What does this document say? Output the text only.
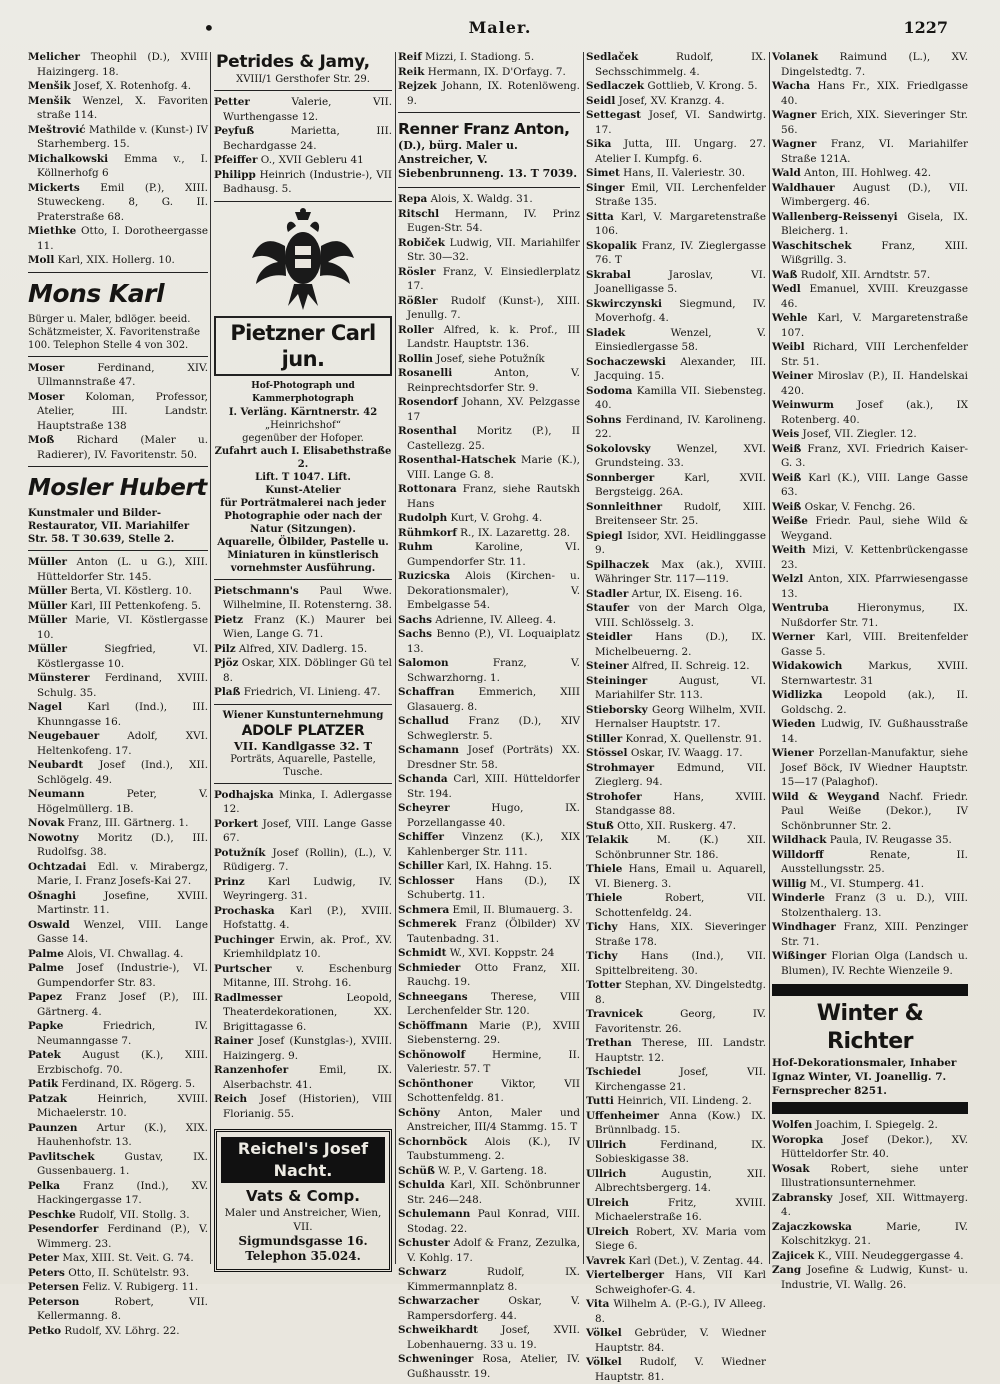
•	Maler.	1227

Melicher Theophil (D.), XVIII Haizingerg. 18.

Menšik Josef, X. Rotenhofg. 4.

Menšik Wenzel, X. Favoriten straße 114.

Meštrović Mathilde v. (Kunst-) IV Starhemberg. 15.

Michalkowski Emma v., I. Köllnerhofg 6

Mickerts Emil (P.), XIII. Stuweckeng. 8, G. II. Praterstraße 68.

Miethke Otto, I. Dorotheergasse 11.

Moll Karl, XIX. Hollerg. 10.

Mons Karl
Bürger u. Maler, bdlöger. beeid. Schätzmeister, X. Favoritenstraße 100. Telephon Stelle 4 von 302.

Moser	Ferdinand, XIV. Ullmannstraße 47.

Moser Koloman, Professor, Atelier, III. Landstr. Hauptstraße 138

Moß Richard (Maler u. Radierer), IV. Favoritenstr. 50.

Mosler Hubert
Kunstmaler und Bilder-Restaurator, VII. Mariahilfer Str. 58. T 30.639, Stelle 2.

Müller Anton (L. u G.), XIII. Hütteldorfer Str. 145.

Müller Berta, VI. Köstlerg. 10.

Müller Karl, III Pettenkofeng. 5.

Müller Marie, VI. Köstlergasse 10.

Müller	Siegfried, VI. Köstlergasse 10.

Münsterer Ferdinand, XVIII. Schulg. 35.

Nagel Karl (Ind.), III. Khunngasse 16.

Neugebauer	Adolf, XVI. Heltenkofeng. 17.

Neubardt Josef (Ind.), XII. Schlögelg. 49.

Neumann	Peter, V. Högelmüllerg. 1B.

Novak Franz, III. Gärtnerg. 1.

Nowotny Moritz (D.), III. Rudolfsg. 38.

Ochtzadai Edl. v. Mirabergz, Marie, I. Franz Josefs-Kai 27.

Ošnaghi	Josefine, XVIII. Martinstr. 11.

Oswald Wenzel, VIII. Lange Gasse 14.

Palme Alois, VI. Chwallag. 4.

Palme Josef (Industrie-), VI. Gumpendorfer Str. 83.

Papez Franz Josef (P.), III. Gärtnerg. 4.

Papke	Friedrich, IV. Neumanngasse 7.

Patek August (K.), XIII. Erzbischofg. 70.

Patik Ferdinand, IX. Rögerg. 5.

Patzak	Heinrich, XVIII. Michaelerstr. 10.

Paunzen Artur (K.), XIX. Hauhenhofstr. 13.

Pavlitschek	Gustav, IX. Gussenbauerg. 1.

Pelka Franz (Ind.), XV. Hackingergasse 17.

Peschke Rudolf, VII. Stollg. 3.

Pesendorfer Ferdinand (P.), V. Wimmerg. 23.

Peter Max, XIII. St. Veit. G. 74.

Peters Otto, II. Schütelstr. 93.

Petersen Feliz. V. Rubigerg. 11.

Peterson	Robert, VII. Kellermanng. 8.

Petko Rudolf, XV. Löhrg. 22.

Petrides & Jamy,
XVIII/1 Gersthofer Str. 29.

Petter	Valerie, VII. Wurthengasse 12.

Peyfuß	Marietta, III. Bechardgasse 24.

Pfeiffer O., XVII Gebleru 41

Philipp Heinrich (Industrie-), VII Badhausg. 5.

Pietzner Carl jun.
Hof-Photograph und Kammerphotograph
I. Verläng. Kärntnerstr. 42
„Heinrichshof“
gegenüber der Hofoper.
Zufahrt auch I. Elisabethstraße 2.
Lift. T 1047. Lift.
Kunst-Atelier
für Porträtmalerei nach jeder Photographie oder nach der Natur (Sitzungen).
Aquarelle, Ölbilder, Pastelle u. Miniaturen in künstlerisch vornehmster Ausführung.

Pietschmann's Paul Wwe. Wilhelmine, II. Rotensterng. 38.

Pietz Franz (K.) Maurer bei Wien, Lange G. 71.

Pilz Alfred, XIV. Dadlerg. 15.

Pjöz Oskar, XIX. Döblinger Gü tel 8.

Plaß Friedrich, VI. Linieng. 47.

Wiener Kunstunternehmung
ADOLF PLATZER
VII. Kandlgasse 32. T
Porträts, Aquarelle, Pastelle, Tusche.

Podhajska Minka, I. Adlergasse 12.

Porkert Josef, VIII. Lange Gasse 67.

Potužník Josef (Rollin), (L.), V. Rüdigerg. 7.

Prinz Karl Ludwig, IV. Weyringerg. 31.

Prochaska Karl (P.), XVIII. Hofstattg. 4.

Puchinger Erwin, ak. Prof., XV. Kriemhildplatz 10.

Purtscher v. Eschenburg Mitanne, III. Strohg. 16.

Radlmesser	Leopold, Theaterdekorationen, XX. Brigittagasse 6.

Rainer Josef (Kunstglas-), XVIII. Haizingerg. 9.

Ranzenhofer	Emil, IX. Alserbachstr. 41.

Reich Josef (Historien), VIII Florianig. 55.

Reichel's Josef Nacht.
Vats & Comp.
Maler und Anstreicher, Wien, VII.
Sigmundsgasse 16.
Telephon 35.024.

Reif Mizzi, I. Stadiong. 5.

Reik Hermann, IX. D'Orfayg. 7.

Rejzek Johann, IX. Rotenlöweng. 9.

Renner Franz Anton,
(D.), bürg. Maler u. Anstreicher, V. Siebenbrunneng. 13. T 7039.

Repa Alois, X. Waldg. 31.

Ritschl Hermann, IV. Prinz Eugen-Str. 54.

Robiček Ludwig, VII. Mariahilfer Str. 30—32.

Rösler Franz, V. Einsiedlerplatz 17.

Rößler Rudolf (Kunst-), XIII. Jenullg. 7.

Roller Alfred, k. k. Prof., III Landstr. Hauptstr. 136.

Rollin Josef, siehe Potužník

Rosanelli	Anton, V. Reinprechtsdorfer Str. 9.

Rosendorf Johann, XV. Pelzgasse 17

Rosenthal Moritz (P.), II Castellezg. 25.

Rosenthal-Hatschek Marie (K.), VIII. Lange G. 8.

Rottonara Franz, siehe Rautskh Hans

Rudolph Kurt, V. Grohg. 4.

Rühmkorf R., IX. Lazarettg. 28.

Ruhm	Karoline, VI. Gumpendorfer Str. 11.

Ruzicska Alois (Kirchen- u. Dekorationsmaler), V. Embelgasse 54.

Sachs Adrienne, IV. Alleeg. 4.

Sachs Benno (P.), VI. Loquaiplatz 13.

Salomon	Franz, V. Schwarzhorng. 1.

Schaffran Emmerich, XIII Glasauerg. 8.

Schallud Franz (D.), XIV Schweglerstr. 5.

Schamann Josef (Porträts) XX. Dresdner Str. 58.

Schanda Carl, XIII. Hütteldorfer Str. 194.

Scheyrer	Hugo, IX. Porzellangasse 40.

Schiffer Vinzenz (K.), XIX Kahlenberger Str. 111.

Schiller Karl, IX. Hahng. 15.

Schlosser Hans (D.), IX Schubertg. 11.

Schmera Emil, II. Blumauerg. 3.

Schmerek Franz (Ölbilder) XV Tautenbadng. 31.

Schmidt W., XVI. Koppstr. 24

Schmieder Otto Franz, XII. Rauchg. 19.

Schneegans Therese, VIII Lerchenfelder Str. 120.

Schöffmann Marie (P.), XVIII Siebensterng. 29.

Schönowolf	Hermine, II. Valeriestr. 57. T

Schönthoner	Viktor, VII Schottenfeldg. 81.

Schöny Anton, Maler und Anstreicher, III/4 Stammg. 15. T

Schornböck Alois (K.), IV Taubstummeng. 2.

Schüß W. P., V. Garteng. 18.

Schulda Karl, XII. Schönbrunner Str. 246—248.

Schulemann Paul Konrad, VIII. Stodag. 22.

Schuster Adolf & Franz, Zezulka, V. Kohlg. 17.

Schwarz	Rudolf, IX. Kimmermannplatz 8.

Schwarzacher	Oskar, V. Rampersdorferg. 44.

Schweikhardt Josef, XVII. Lobenhauerng. 33 u. 19.

Schweninger Rosa, Atelier, IV. Gußhausstr. 19.

Sedlaček	Rudolf, IX. Sechsschimmelg. 4.

Sedlaczek Gottlieb, V. Krong. 5.

Seidl Josef, XV. Kranzg. 4.

Settegast Josef, VI. Sandwirtg. 17.

Sika Jutta, III. Ungarg. 27. Atelier I. Kumpfg. 6.

Simet Hans, II. Valeriestr. 30.

Singer Emil, VII. Lerchenfelder Straße 135.

Sitta Karl, V. Margaretenstraße 106.

Skopalik Franz, IV. Zieglergasse 76. T

Skrabal	Jaroslav, VI. Joanelligasse 5.

Skwirczynski Siegmund, IV. Moverhofg. 4.

Sladek	Wenzel, V. Einsiedlergasse 58.

Sochaczewski Alexander, III. Jacquing. 15.

Sodoma Kamilla VII. Siebensteg. 40.

Sohns Ferdinand, IV. Karolineng. 22.

Sokolovsky	Wenzel, XVI. Grundsteing. 33.

Sonnberger	Karl, XVII. Bergsteigg. 26A.

Sonnleithner Rudolf, XIII. Breitenseer Str. 25.

Spiegl Isidor, XVI. Heidlinggasse 9.

Spilhaczek Max (ak.), XVIII. Währinger Str. 117—119.

Stadler Artur, IX. Eiseng. 16.

Staufer von der March Olga, VIII. Schlösselg. 3.

Steidler Hans (D.), IX. Michelbeuerng. 2.

Steiner Alfred, II. Schreig. 12.

Steininger	August, VI. Mariahilfer Str. 113.

Stieborsky Georg Wilhelm, XVII. Hernalser Hauptstr. 17.

Stiller Konrad, X. Quellenstr. 91.

Stössel Oskar, IV. Waagg. 17.

Strohmayer Edmund, VII. Zieglerg. 94.

Strohofer	Hans, XVIII. Standgasse 88.

Stuß Otto, XII. Ruskerg. 47.

Telakik	M. (K.) XII. Schönbrunner Str. 186.

Thiele Hans, Email u. Aquarell, VI. Bienerg. 3.

Thiele	Robert, VII. Schottenfeldg. 24.

Tichy Hans, XIX. Sieveringer Straße 178.

Tichy Hans (Ind.), VII. Spittelbreiteng. 30.

Totter Stephan, XV. Dingelstedtg. 8.

Travnicek	Georg, IV. Favoritenstr. 26.

Trethan Therese, III. Landstr. Hauptstr. 12.

Tschiedel	Josef, VII. Kirchengasse 21.

Tutti Heinrich, VII. Lindeng. 2.

Uffenheimer Anna (Kow.) IX. Brünnlbadg. 15.

Ullrich	Ferdinand, IX. Sobieskigasse 38.

Ullrich	Augustin, XII. Albrechtsbergerg. 14.

Ulreich	Fritz, XVIII. Michaelerstraße 16.

Ulreich Robert, XV. Maria vom Siege 6.

Vavrek Karl (Det.), V. Zentag. 44.

Viertelberger Hans, VII Karl Schweighofer-G. 4.

Vita Wilhelm A. (P.-G.), IV Alleeg. 8.

Völkel Gebrüder, V. Wiedner Hauptstr. 84.

Völkel Rudolf, V. Wiedner Hauptstr. 81.

Volanek Raimund (L.), XV. Dingelstedtg. 7.

Wacha Hans Fr., XIX. Friedlgasse 40.

Wagner Erich, XIX. Sieveringer Str. 56.

Wagner Franz, VI. Mariahilfer Straße 121A.

Wald Anton, III. Hohlweg. 42.

Waldhauer August (D.), VII. Wimbergerg. 46.

Wallenberg-Reissenyi Gisela, IX. Bleicherg. 1.

Waschitschek	Franz, XIII. Wißgrillg. 3.

Waß Rudolf, XII. Arndtstr. 57.

Wedl Emanuel, XVIII. Kreuzgasse 46.

Wehle Karl, V. Margaretenstraße 107.

Weibl Richard, VIII Lerchenfelder Str. 51.

Weiner Miroslav (P.), II. Handelskai 420.

Weinwurm Josef (ak.), IX Rotenberg. 40.

Weis Josef, VII. Ziegler. 12.

Weiß Franz, XVI. Friedrich Kaiser-G. 3.

Weiß Karl (K.), VIII. Lange Gasse 63.

Weiß Oskar, V. Fenchg. 26.

Weiße Friedr. Paul, siehe Wild & Weygand.

Weith Mizi, V. Kettenbrückengasse 23.

Welzl Anton, XIX. Pfarrwiesengasse 13.

Wentruba	Hieronymus, IX. Nußdorfer Str. 71.

Werner Karl, VIII. Breitenfelder Gasse 5.

Widakowich Markus, XVIII. Sternwartestr. 31

Widlizka Leopold (ak.), II. Goldschg. 2.

Wieden Ludwig, IV. Gußhausstraße 14.

Wiener Porzellan-Manufaktur, siehe Josef Böck, IV Wiedner Hauptstr. 15—17 (Palaghof).

Wild & Weygand Nachf. Friedr. Paul Weiße (Dekor.), IV Schönbrunner Str. 2.

Wildhack Paula, IV. Reugasse 35.

Willdorff	Renate, II. Ausstellungsstr. 25.

Willig M., VI. Stumperg. 41.

Winderle Franz (3 u. D.), VIII. Stolzenthalerg. 13.

Windhager Franz, XIII. Penzinger Str. 71.

Wißinger Florian Olga (Landsch u. Blumen), IV. Rechte Wienzeile 9.

Winter & Richter
Hof-Dekorationsmaler, Inhaber Ignaz Winter, VI. Joanellig. 7. Fernsprecher 8251.

Wolfen Joachim, I. Spiegelg. 2.

Woropka Josef (Dekor.), XV. Hütteldorfer Str. 40.

Wosak Robert, siehe unter Illustrationsunternehmer.

Zabransky Josef, XII. Wittmayerg. 4.

Zajaczkowska	Marie, IV. Kolschitzkyg. 21.

Zajicek K., VIII. Neudeggergasse 4.

Zang Josefine & Ludwig, Kunst- u. Industrie, VI. Wallg. 26.
